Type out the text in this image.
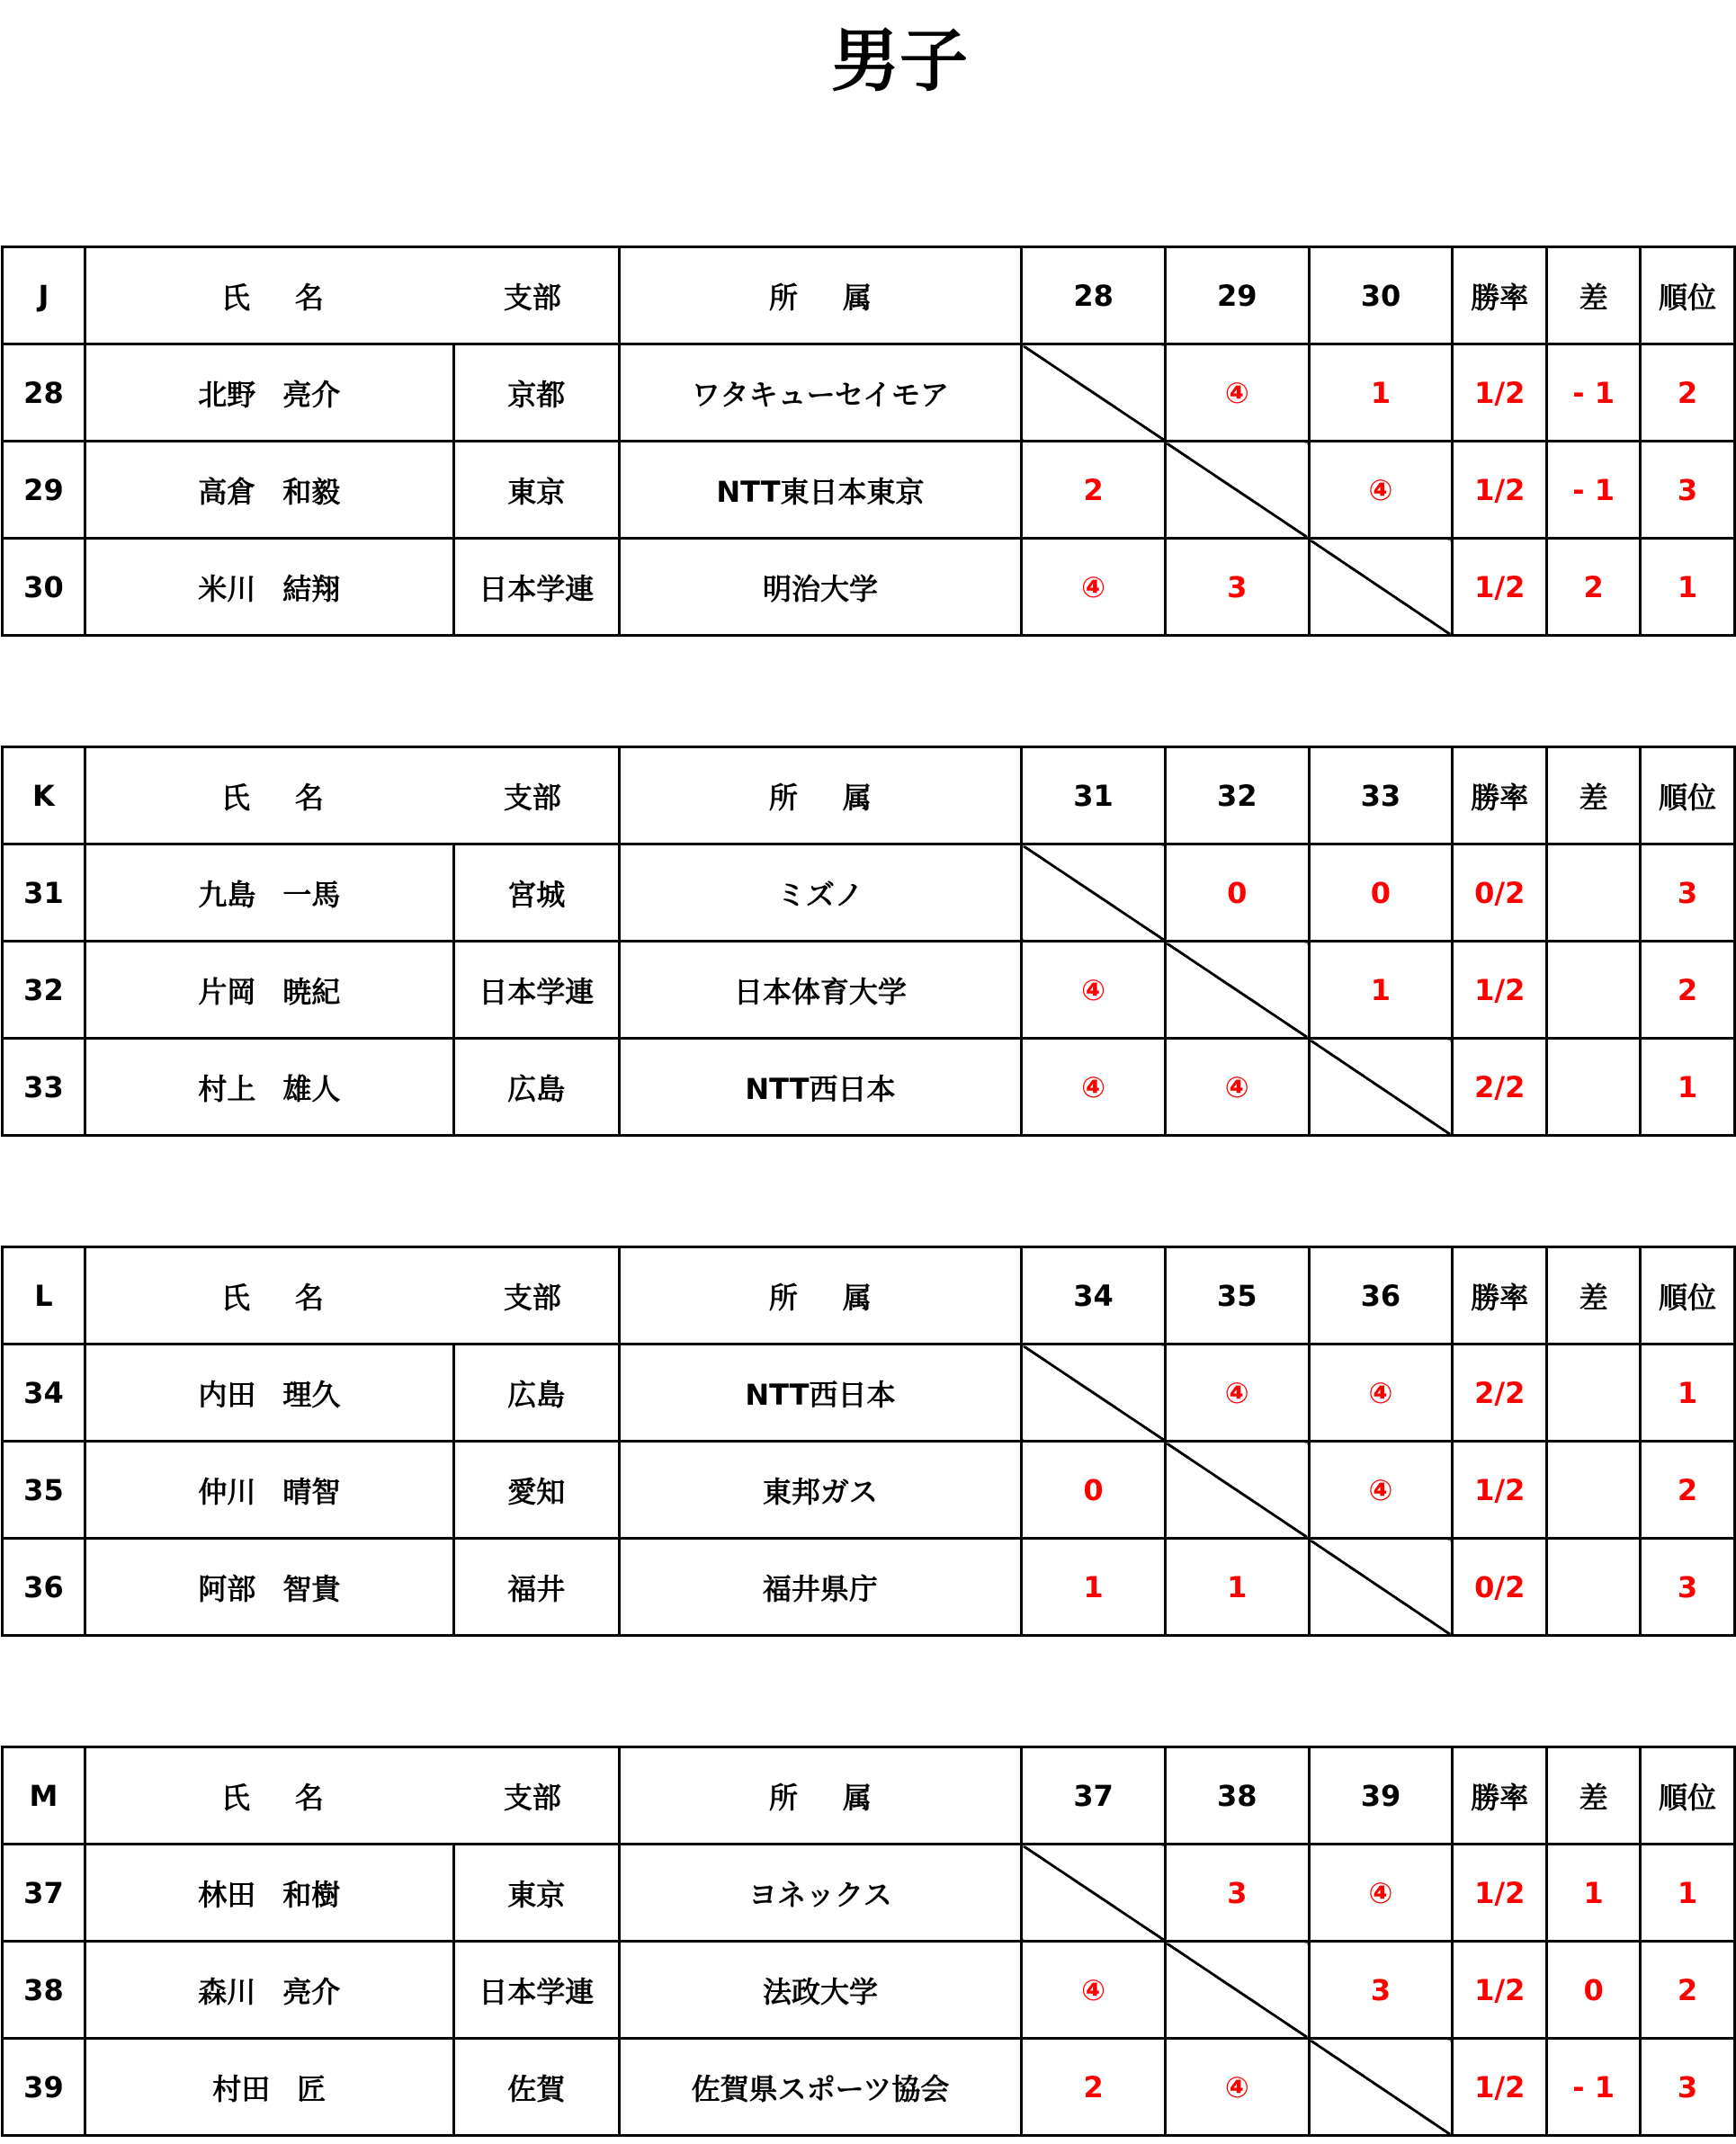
男子
J	氏 名 支部		所 属	28	29	30	勝率	差	順位
28	北野 亮介	京都	ワタキューセイモア		④	1	1/2	- 1	2
29	高倉 和毅	東京	NTT東日本東京	2		④	1/2	- 1	3
30	米川 結翔	日本学連	明治大学	④	3		1/2	2	1
K	氏 名 支部		所 属	31	32	33	勝率	差	順位
31	九島 一馬	宮城	ミズノ		0	0	0/2		3
32	片岡 暁紀	日本学連	日本体育大学	④		1	1/2		2
33	村上 雄人	広島	NTT西日本	④	④		2/2		1
L	氏 名 支部		所 属	34	35	36	勝率	差	順位
34	内田 理久	広島	NTT西日本		④	④	2/2		1
35	仲川 晴智	愛知	東邦ガス	0		④	1/2		2
36	阿部 智貴	福井	福井県庁	1	1		0/2		3
M	氏 名 支部		所 属	37	38	39	勝率	差	順位
37	林田 和樹	東京	ヨネックス		3	④	1/2	1	1
38	森川 亮介	日本学連	法政大学	④		3	1/2	0	2
39	村田 匠	佐賀	佐賀県スポーツ協会	2	④		1/2	- 1	3
